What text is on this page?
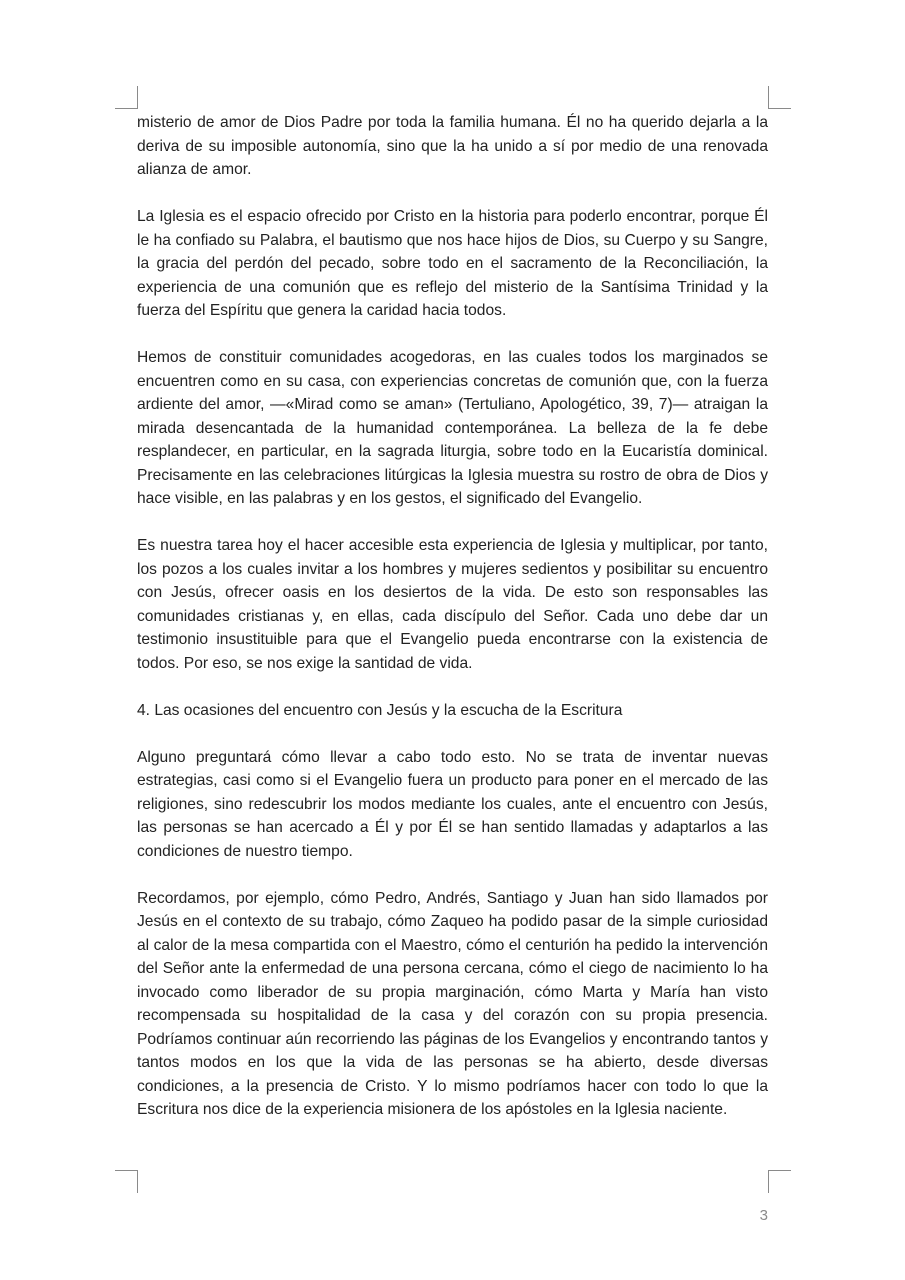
misterio de amor de Dios Padre por toda la familia humana. Él no ha querido dejarla a la deriva de su imposible autonomía, sino que la ha unido a sí por medio de una renovada alianza de amor.

La Iglesia es el espacio ofrecido por Cristo en la historia para poderlo encontrar, porque Él le ha confiado su Palabra, el bautismo que nos hace hijos de Dios, su Cuerpo y su Sangre, la gracia del perdón del pecado, sobre todo en el sacramento de la Reconciliación, la experiencia de una comunión que es reflejo del misterio de la Santísima Trinidad y la fuerza del Espíritu que genera la caridad hacia todos.

Hemos de constituir comunidades acogedoras, en las cuales todos los marginados se encuentren como en su casa, con experiencias concretas de comunión que, con la fuerza ardiente del amor, —«Mirad como se aman» (Tertuliano, Apologético, 39, 7)— atraigan la mirada desencantada de la humanidad contemporánea. La belleza de la fe debe resplandecer, en particular, en la sagrada liturgia, sobre todo en la Eucaristía dominical. Precisamente en las celebraciones litúrgicas la Iglesia muestra su rostro de obra de Dios y hace visible, en las palabras y en los gestos, el significado del Evangelio.

Es nuestra tarea hoy el hacer accesible esta experiencia de Iglesia y multiplicar, por tanto, los pozos a los cuales invitar a los hombres y mujeres sedientos y posibilitar su encuentro con Jesús, ofrecer oasis en los desiertos de la vida. De esto son responsables las comunidades cristianas y, en ellas, cada discípulo del Señor. Cada uno debe dar un testimonio insustituible para que el Evangelio pueda encontrarse con la existencia de todos. Por eso, se nos exige la santidad de vida.

4. Las ocasiones del encuentro con Jesús y la escucha de la Escritura

Alguno preguntará cómo llevar a cabo todo esto. No se trata de inventar nuevas estrategias, casi como si el Evangelio fuera un producto para poner en el mercado de las religiones, sino redescubrir los modos mediante los cuales, ante el encuentro con Jesús, las personas se han acercado a Él y por Él se han sentido llamadas y adaptarlos a las condiciones de nuestro tiempo.

Recordamos, por ejemplo, cómo Pedro, Andrés, Santiago y Juan han sido llamados por Jesús en el contexto de su trabajo, cómo Zaqueo ha podido pasar de la simple curiosidad al calor de la mesa compartida con el Maestro, cómo el centurión ha pedido la intervención del Señor ante la enfermedad de una persona cercana, cómo el ciego de nacimiento lo ha invocado como liberador de su propia marginación, cómo Marta y María han visto recompensada su hospitalidad de la casa y del corazón con su propia presencia. Podríamos continuar aún recorriendo las páginas de los Evangelios y encontrando tantos y tantos modos en los que la vida de las personas se ha abierto, desde diversas condiciones, a la presencia de Cristo. Y lo mismo podríamos hacer con todo lo que la Escritura nos dice de la experiencia misionera de los apóstoles en la Iglesia naciente.

3
